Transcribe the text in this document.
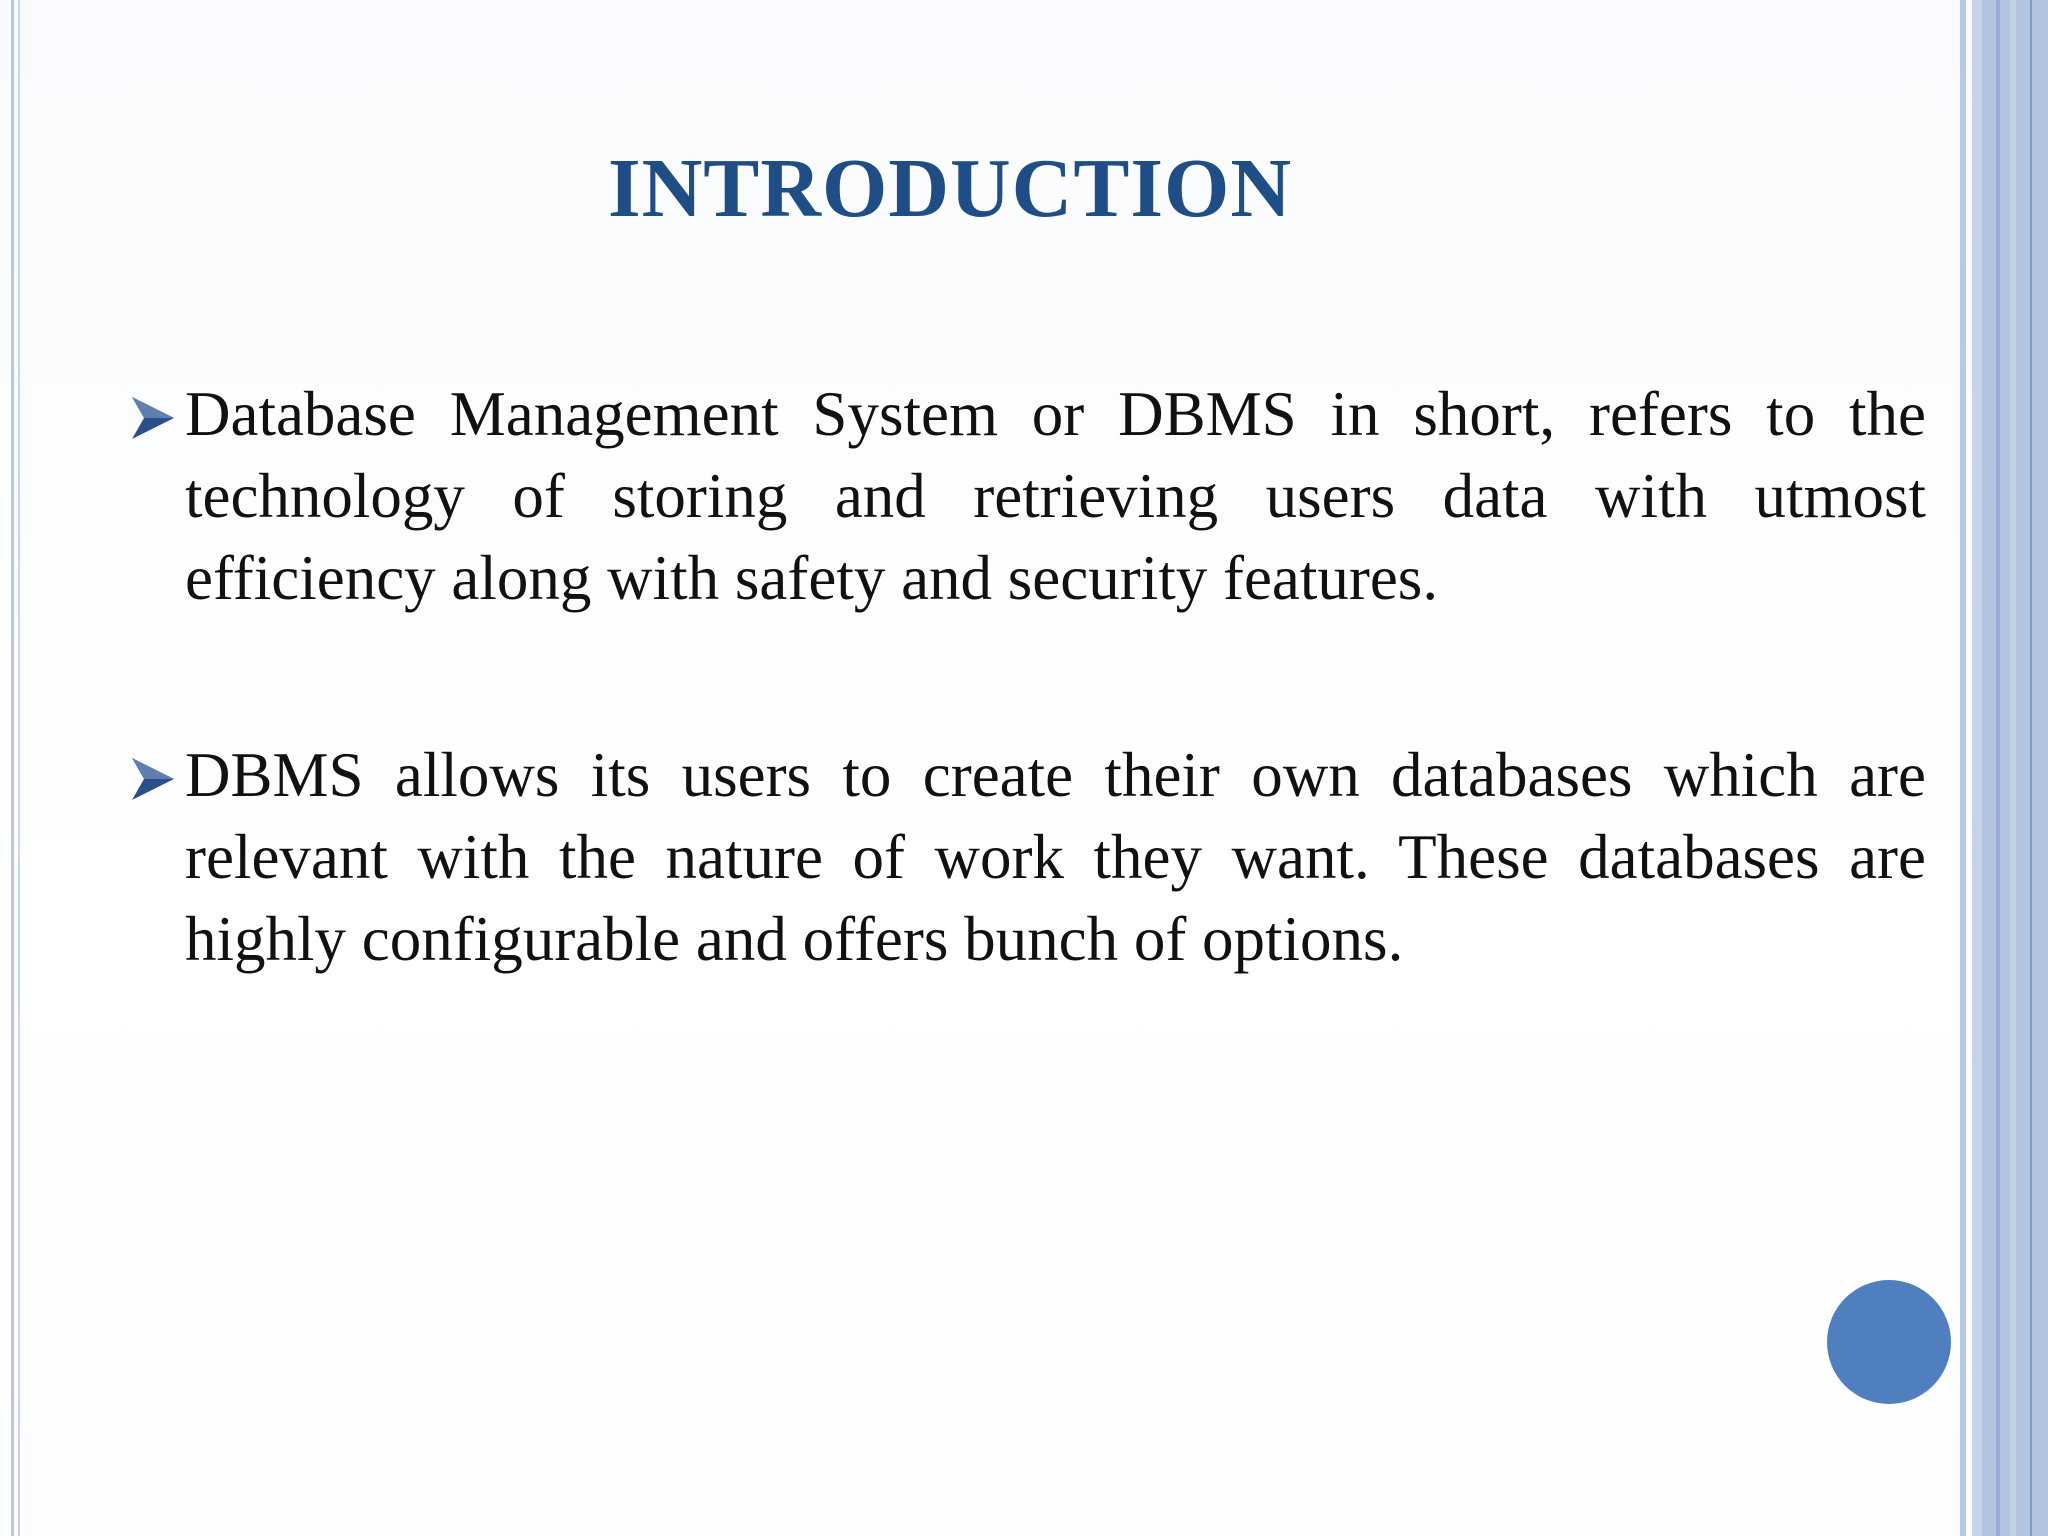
INTRODUCTION
Database Management System or DBMS in short, refers to the technology of storing and retrieving users data with utmost efficiency along with safety and security features.
DBMS allows its users to create their own databases which are relevant with the nature of work they want. These databases are highly configurable and offers bunch of options.
